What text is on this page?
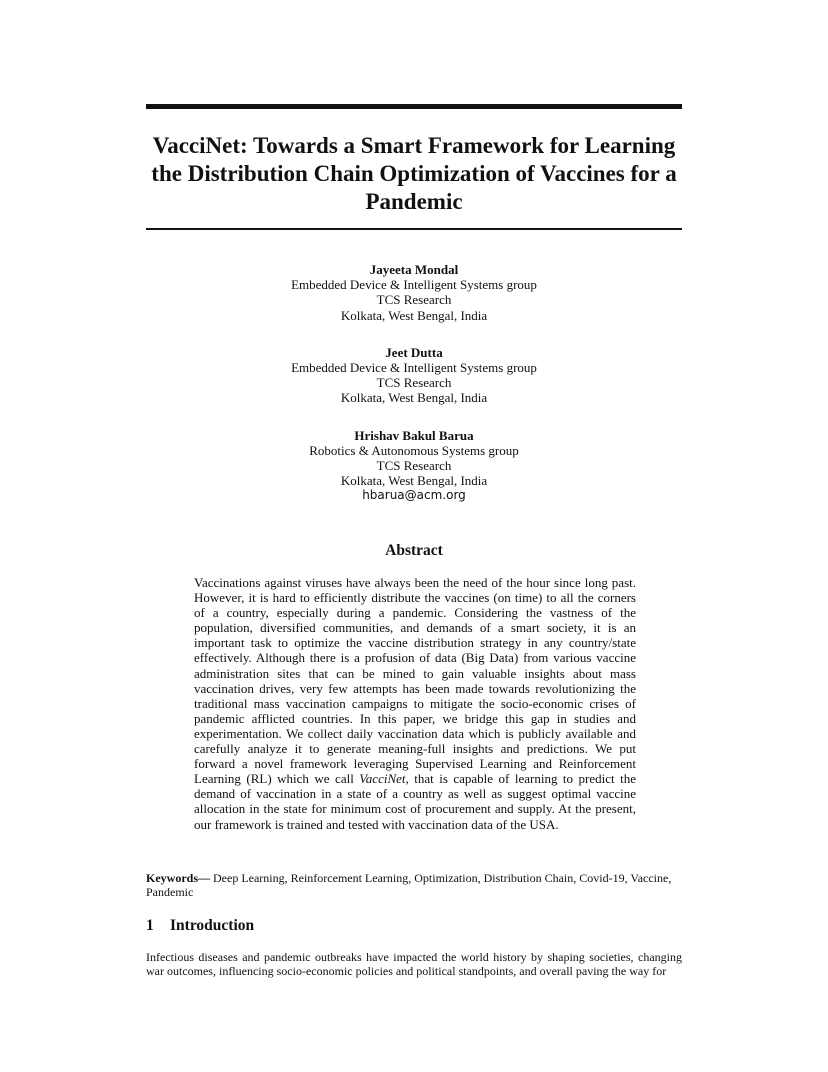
VacciNet: Towards a Smart Framework for Learning
the Distribution Chain Optimization of Vaccines for a
Pandemic
Jayeeta Mondal
Embedded Device & Intelligent Systems group
TCS Research
Kolkata, West Bengal, India
Jeet Dutta
Embedded Device & Intelligent Systems group
TCS Research
Kolkata, West Bengal, India
Hrishav Bakul Barua
Robotics & Autonomous Systems group
TCS Research
Kolkata, West Bengal, India
hbarua@acm.org
Abstract

Vaccinations against viruses have always been the need of the hour since long past. However, it is hard to efficiently distribute the vaccines (on time) to all the corners of a country, especially during a pandemic. Considering the vastness of the population, diversified communities, and demands of a smart society, it is an important task to optimize the vaccine distribution strategy in any country/state effectively. Although there is a profusion of data (Big Data) from various vaccine administration sites that can be mined to gain valuable insights about mass vaccination drives, very few attempts has been made towards revolutionizing the traditional mass vaccination campaigns to mitigate the socio-economic crises of pandemic afflicted countries. In this paper, we bridge this gap in studies and experimentation. We collect daily vaccination data which is publicly available and carefully analyze it to generate meaning-full insights and predictions. We put forward a novel framework leveraging Supervised Learning and Reinforcement Learning (RL) which we call VacciNet, that is capable of learning to predict the demand of vaccination in a state of a country as well as suggest optimal vaccine allocation in the state for minimum cost of procurement and supply. At the present, our framework is trained and tested with vaccination data of the USA.

Keywords— Deep Learning, Reinforcement Learning, Optimization, Distribution Chain, Covid-19, Vaccine, Pandemic

1 Introduction

Infectious diseases and pandemic outbreaks have impacted the world history by shaping societies, changing war outcomes, influencing socio-economic policies and political standpoints, and overall paving the way for
